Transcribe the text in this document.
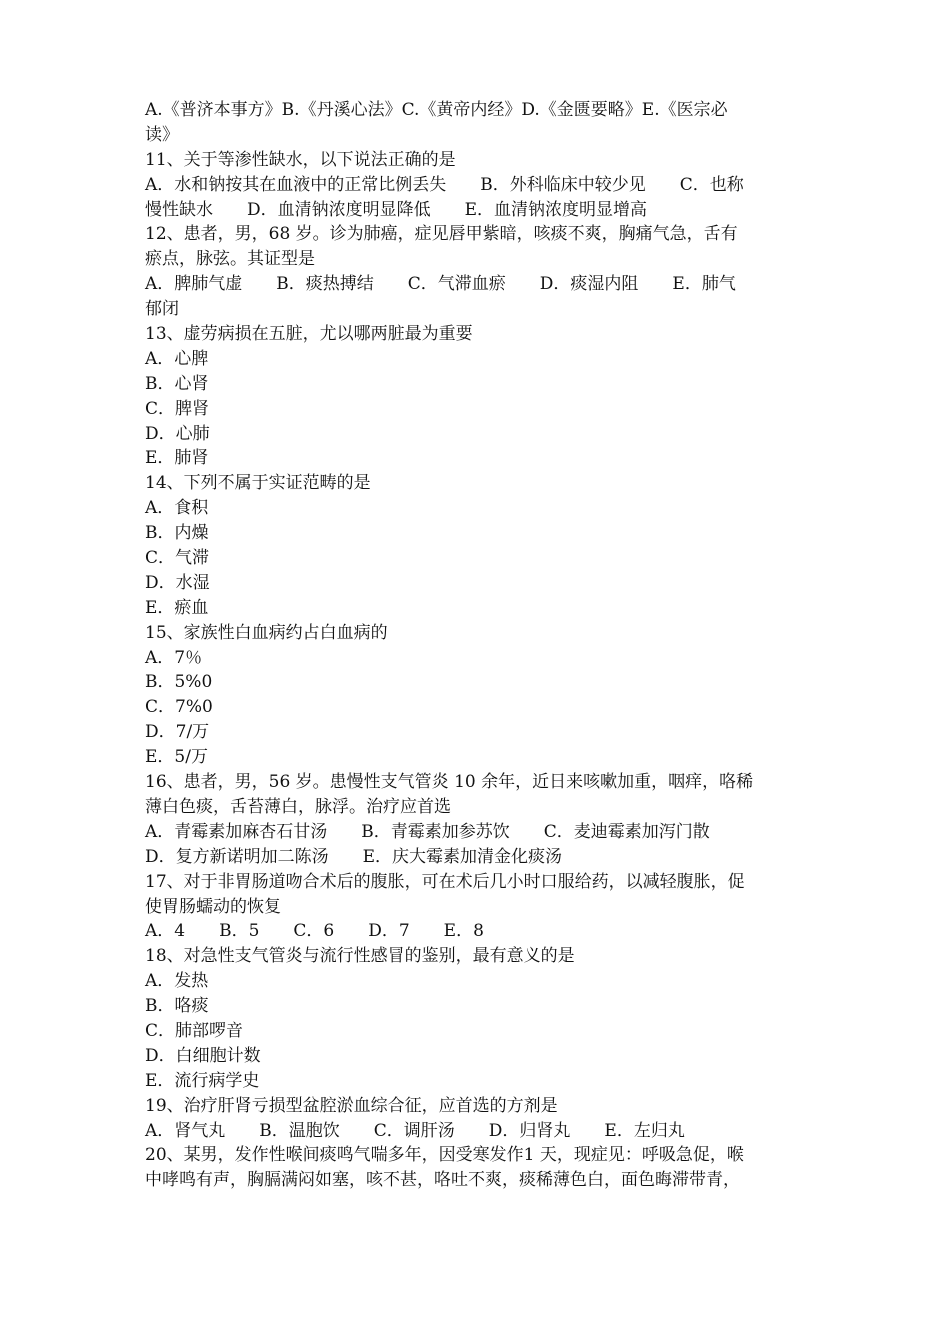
A.《普济本事方》B.《丹溪心法》C.《黄帝内经》D.《金匮要略》E.《医宗必
读》
11、关于等渗性缺水，以下说法正确的是
A．水和钠按其在血液中的正常比例丢失　　B．外科临床中较少见　　C．也称
慢性缺水　　D．血清钠浓度明显降低　　E．血清钠浓度明显增高
12、患者，男，68 岁。诊为肺癌，症见唇甲紫暗，咳痰不爽，胸痛气急，舌有
瘀点，脉弦。其证型是
A．脾肺气虚　　B．痰热搏结　　C．气滞血瘀　　D．痰湿内阻　　E．肺气
郁闭
13、虚劳病损在五脏，尤以哪两脏最为重要
A．心脾
B．心肾
C．脾肾
D．心肺
E．肺肾
14、下列不属于实证范畴的是
A．食积
B．内燥
C．气滞
D．水湿
E．瘀血
15、家族性白血病约占白血病的
A．7％
B．5%0
C．7%0
D．7/万
E．5/万
16、患者，男，56 岁。患慢性支气管炎 10 余年，近日来咳嗽加重，咽痒，咯稀
薄白色痰，舌苔薄白，脉浮。治疗应首选
A．青霉素加麻杏石甘汤　　B．青霉素加参苏饮　　C．麦迪霉素加泻门散
D．复方新诺明加二陈汤　　E．庆大霉素加清金化痰汤
17、对于非胃肠道吻合术后的腹胀，可在术后几小时口服给药，以减轻腹胀，促
使胃肠蠕动的恢复
A．4　　B．5　　C．6　　D．7　　E．8
18、对急性支气管炎与流行性感冒的鉴别，最有意义的是
A．发热
B．咯痰
C．肺部啰音
D．白细胞计数
E．流行病学史
19、治疗肝肾亏损型盆腔淤血综合征，应首选的方剂是
A．肾气丸　　B．温胞饮　　C．调肝汤　　D．归肾丸　　E．左归丸
20、某男，发作性喉间痰鸣气喘多年，因受寒发作1 天，现症见：呼吸急促，喉
中哮鸣有声，胸膈满闷如塞，咳不甚，咯吐不爽，痰稀薄色白，面色晦滞带青，
